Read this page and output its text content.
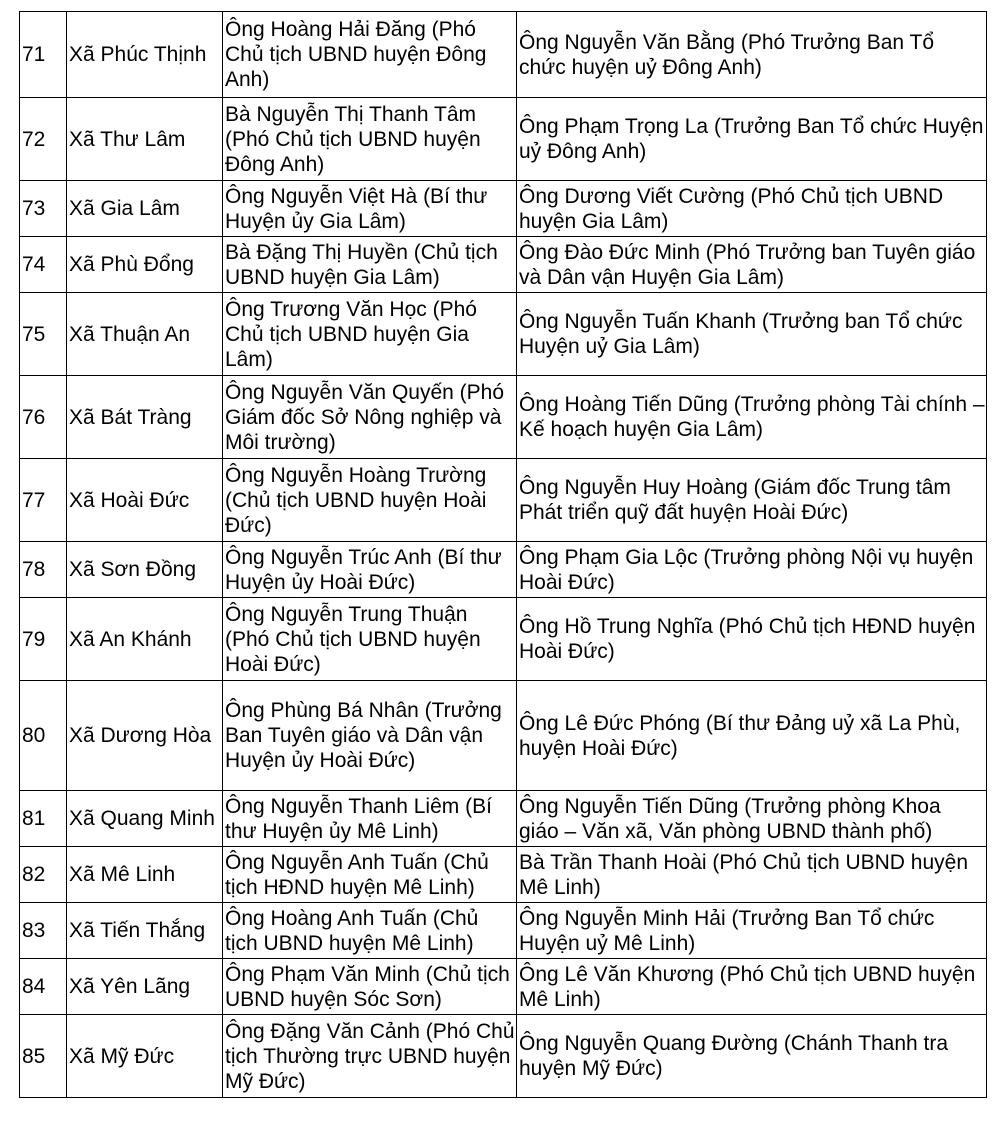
71	Xã Phúc Thịnh	Ông Hoàng Hải Đăng (Phó Chủ tịch UBND huyện Đông Anh)	Ông Nguyễn Văn Bằng (Phó Trưởng Ban Tổ chức huyện uỷ Đông Anh)
72	Xã Thư Lâm	Bà Nguyễn Thị Thanh Tâm (Phó Chủ tịch UBND huyện Đông Anh)	Ông Phạm Trọng La (Trưởng Ban Tổ chức Huyện uỷ Đông Anh)
73	Xã Gia Lâm	Ông Nguyễn Việt Hà (Bí thư Huyện ủy Gia Lâm)	Ông Dương Viết Cường (Phó Chủ tịch UBND huyện Gia Lâm)
74	Xã Phù Đổng	Bà Đặng Thị Huyền (Chủ tịch UBND huyện Gia Lâm)	Ông Đào Đức Minh (Phó Trưởng ban Tuyên giáo và Dân vận Huyện Gia Lâm)
75	Xã Thuận An	Ông Trương Văn Học (Phó Chủ tịch UBND huyện Gia Lâm)	Ông Nguyễn Tuấn Khanh (Trưởng ban Tổ chức Huyện uỷ Gia Lâm)
76	Xã Bát Tràng	Ông Nguyễn Văn Quyến (Phó Giám đốc Sở Nông nghiệp và Môi trường)	Ông Hoàng Tiến Dũng (Trưởng phòng Tài chính – Kế hoạch huyện Gia Lâm)
77	Xã Hoài Đức	Ông Nguyễn Hoàng Trường (Chủ tịch UBND huyện Hoài Đức)	Ông Nguyễn Huy Hoàng (Giám đốc Trung tâm Phát triển quỹ đất huyện Hoài Đức)
78	Xã Sơn Đồng	Ông Nguyễn Trúc Anh (Bí thư Huyện ủy Hoài Đức)	Ông Phạm Gia Lộc (Trưởng phòng Nội vụ huyện Hoài Đức)
79	Xã An Khánh	Ông Nguyễn Trung Thuận (Phó Chủ tịch UBND huyện Hoài Đức)	Ông Hồ Trung Nghĩa (Phó Chủ tịch HĐND huyện Hoài Đức)
80	Xã Dương Hòa	Ông Phùng Bá Nhân (Trưởng Ban Tuyên giáo và Dân vận Huyện ủy Hoài Đức)	Ông Lê Đức Phóng (Bí thư Đảng uỷ xã La Phù, huyện Hoài Đức)
81	Xã Quang Minh	Ông Nguyễn Thanh Liêm (Bí thư Huyện ủy Mê Linh)	Ông Nguyễn Tiến Dũng (Trưởng phòng Khoa giáo – Văn xã, Văn phòng UBND thành phố)
82	Xã Mê Linh	Ông Nguyễn Anh Tuấn (Chủ tịch HĐND huyện Mê Linh)	Bà Trần Thanh Hoài (Phó Chủ tịch UBND huyện Mê Linh)
83	Xã Tiến Thắng	Ông Hoàng Anh Tuấn (Chủ tịch UBND huyện Mê Linh)	Ông Nguyễn Minh Hải (Trưởng Ban Tổ chức Huyện uỷ Mê Linh)
84	Xã Yên Lãng	Ông Phạm Văn Minh (Chủ tịch UBND huyện Sóc Sơn)	Ông Lê Văn Khương (Phó Chủ tịch UBND huyện Mê Linh)
85	Xã Mỹ Đức	Ông Đặng Văn Cảnh (Phó Chủ tịch Thường trực UBND huyện Mỹ Đức)	Ông Nguyễn Quang Đường (Chánh Thanh tra huyện Mỹ Đức)
